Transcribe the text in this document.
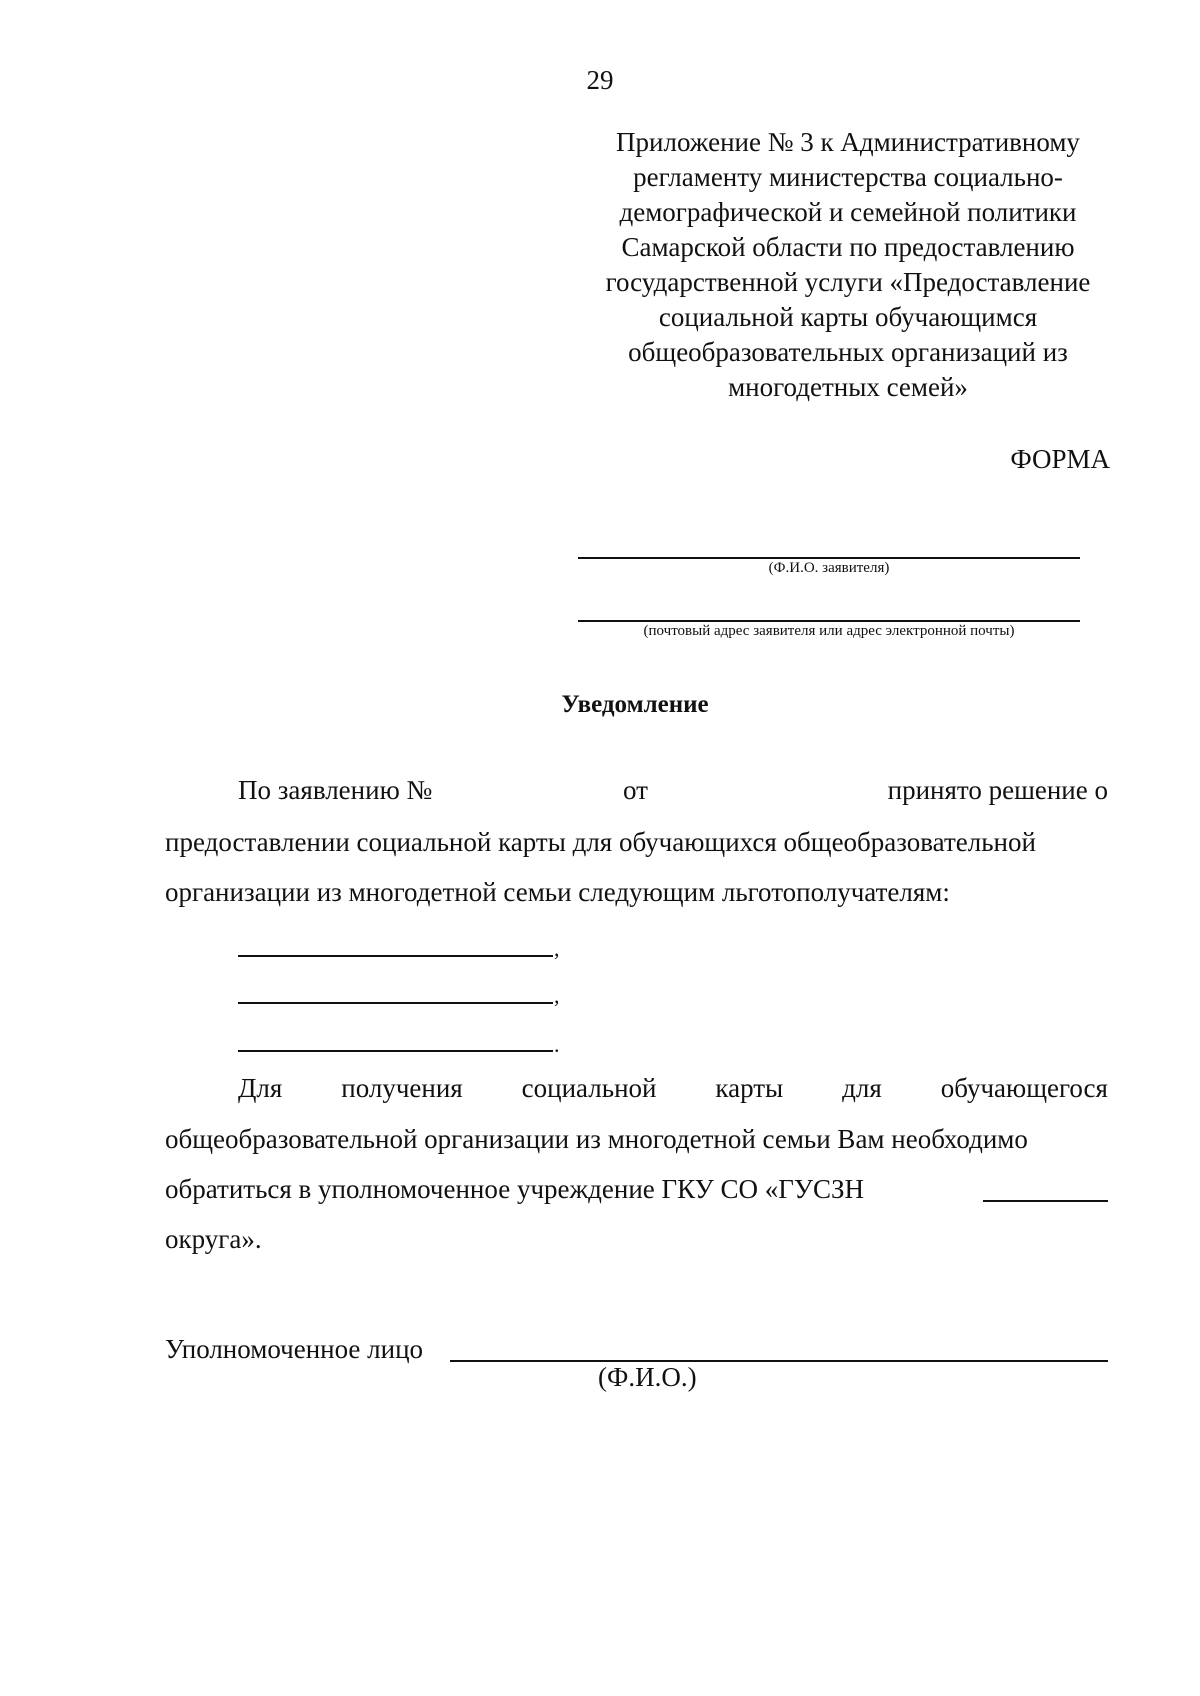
29
Приложение № 3 к Административному
регламенту министерства социально-
демографической и семейной политики
Самарской области по предоставлению
государственной услуги «Предоставление
социальной карты обучающимся
общеобразовательных организаций из
многодетных семей»
ФОРМА
(Ф.И.О. заявителя)
(почтовый адрес заявителя или адрес электронной почты)
Уведомление
По заявлению №	от	принято решение о
предоставлении социальной карты для обучающихся общеобразовательной
организации из многодетной семьи следующим льготополучателям:
,
,
.
Для получения социальной карты для обучающегося
общеобразовательной организации из многодетной семьи Вам необходимо
обратиться в уполномоченное учреждение ГКУ СО «ГУСЗН
округа».
Уполномоченное лицо
(Ф.И.О.)
